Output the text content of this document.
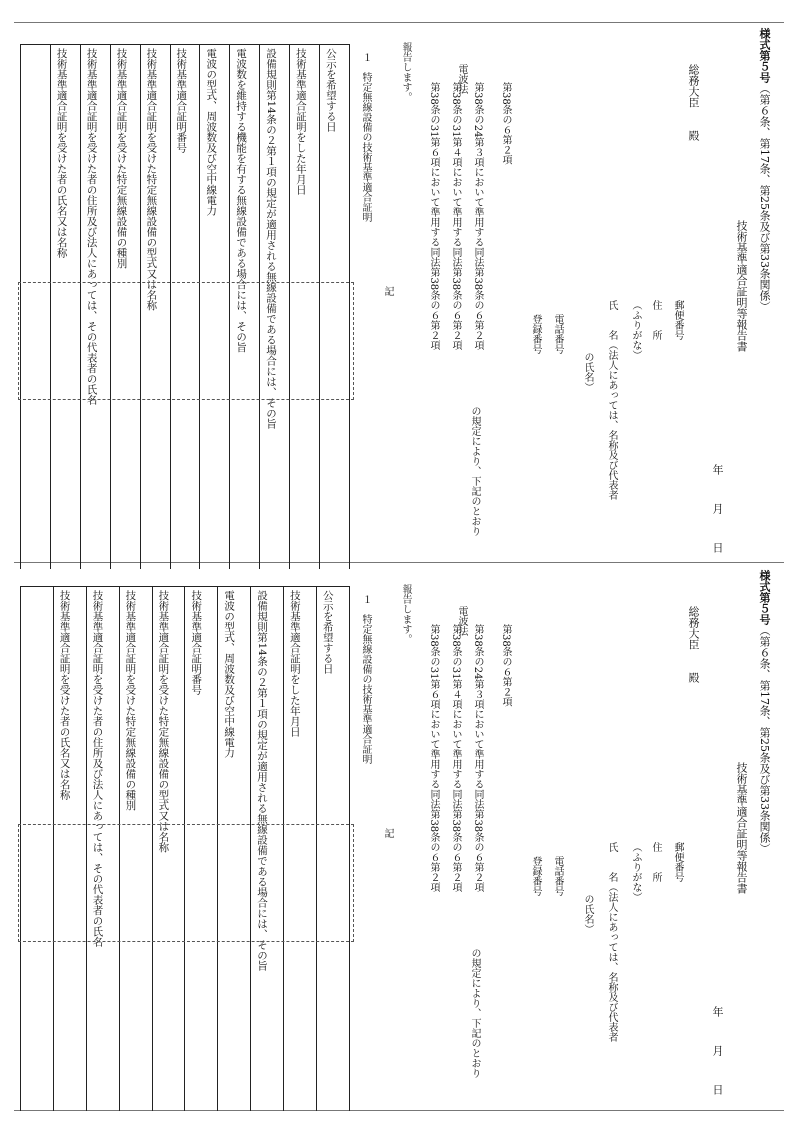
様式第５号（第６条、第17条、第25条及び第33条関係）
技術基準適合証明等報告書
年　　月　　日
総務大臣　　殿
郵便番号
住　　所
（ふりがな）
氏　　名（法人にあっては、名称及び代表者
の氏名）
電話番号
登録番号
第38条の６第２項
第38条の24第３項において準用する同法第38条の６第２項
の規定により、下記のとおり
第38条の31第４項において準用する同法第38条の６第２項
電波法
第38条の31第６項において準用する同法第38条の６第２項
報告します。
記
１　特定無線設備の技術基準適合証明

	技術基準適合証明を受けた者の氏名又は名称	技術基準適合証明を受けた者の住所及び法人にあっては、その代表者の氏名	技術基準適合証明を受けた特定無線設備の種別	技術基準適合証明を受けた特定無線設備の型式又は名称	技術基準適合証明番号	電波の型式、周波数及び空中線電力	電波数を維持する機能を有する無線設備である場合には、その旨	設備規則第14条の２第１項の規定が適用される無線設備である場合には、その旨	技術基準適合証明をした年月日	公示を希望する日

様式第５号（第６条、第17条、第25条及び第33条関係）
技術基準適合証明等報告書
年　　月　　日
総務大臣　　殿
郵便番号
住　　所
（ふりがな）
氏　　名（法人にあっては、名称及び代表者
の氏名）
電話番号
登録番号
第38条の６第２項
第38条の24第３項において準用する同法第38条の６第２項
の規定により、下記のとおり
第38条の31第４項において準用する同法第38条の６第２項
電波法
第38条の31第６項において準用する同法第38条の６第２項
報告します。
記
１　特定無線設備の技術基準適合証明

	技術基準適合証明を受けた者の氏名又は名称	技術基準適合証明を受けた者の住所及び法人にあっては、その代表者の氏名	技術基準適合証明を受けた特定無線設備の種別	技術基準適合証明を受けた特定無線設備の型式又は名称	技術基準適合証明番号	電波の型式、周波数及び空中線電力	設備規則第14条の２第１項の規定が適用される無線設備である場合には、その旨	技術基準適合証明をした年月日	公示を希望する日
